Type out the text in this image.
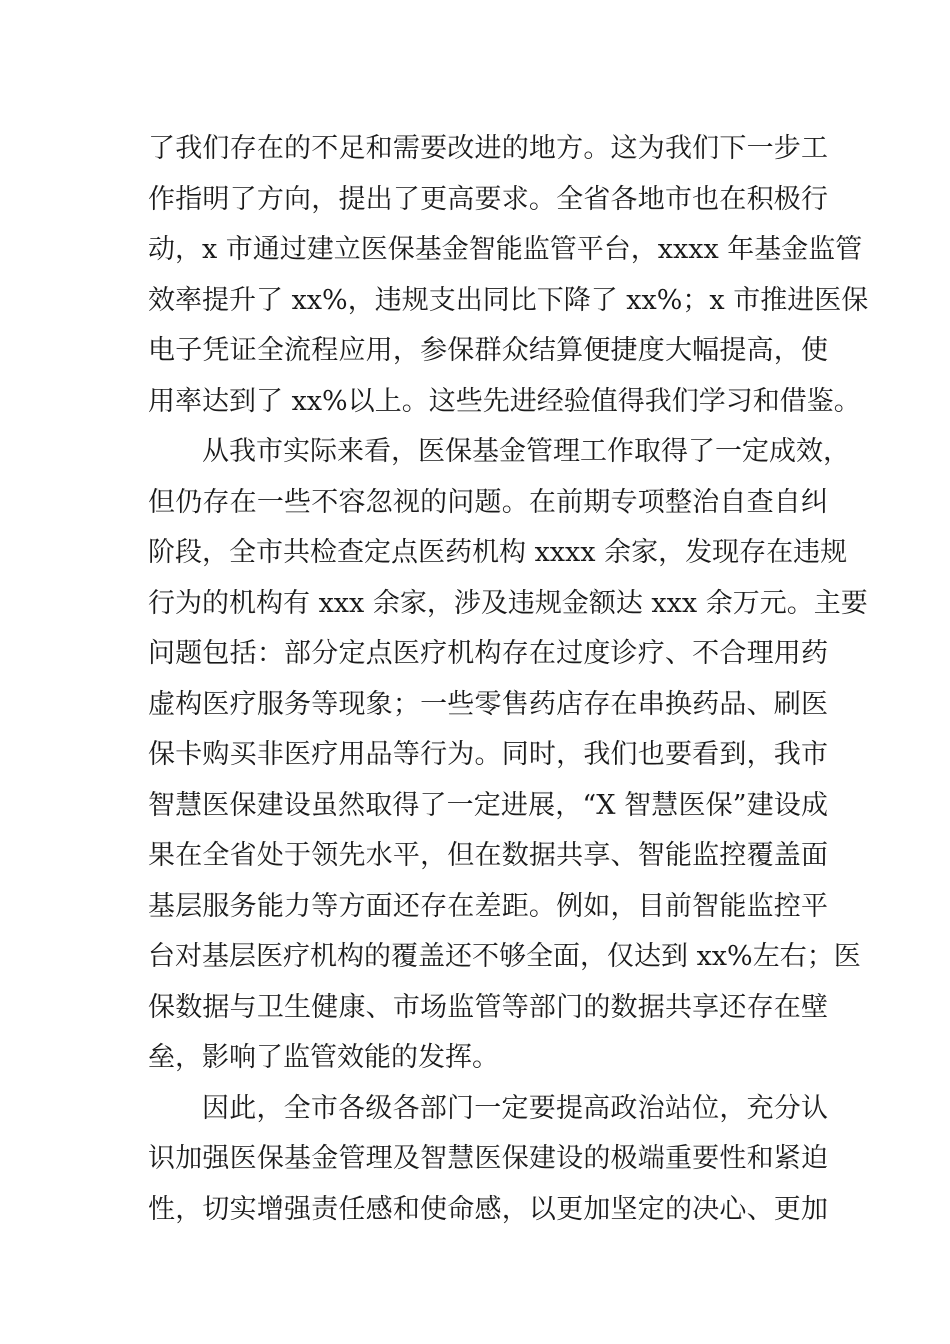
了我们存在的不足和需要改进的地方。这为我们下一步工
作指明了方向，提出了更高要求。全省各地市也在积极行
动，x 市通过建立医保基金智能监管平台，xxxx 年基金监管
效率提升了 xx%，违规支出同比下降了 xx%；x 市推进医保
电子凭证全流程应用，参保群众结算便捷度大幅提高，使
用率达到了 xx%以上。这些先进经验值得我们学习和借鉴。
从我市实际来看，医保基金管理工作取得了一定成效，
但仍存在一些不容忽视的问题。在前期专项整治自查自纠
阶段，全市共检查定点医药机构 xxxx 余家，发现存在违规
行为的机构有 xxx 余家，涉及违规金额达 xxx 余万元。主要
问题包括：部分定点医疗机构存在过度诊疗、不合理用药
虚构医疗服务等现象；一些零售药店存在串换药品、刷医
保卡购买非医疗用品等行为。同时，我们也要看到，我市
智慧医保建设虽然取得了一定进展，“X 智慧医保”建设成
果在全省处于领先水平，但在数据共享、智能监控覆盖面
基层服务能力等方面还存在差距。例如，目前智能监控平
台对基层医疗机构的覆盖还不够全面，仅达到 xx%左右；医
保数据与卫生健康、市场监管等部门的数据共享还存在壁
垒，影响了监管效能的发挥。
因此，全市各级各部门一定要提高政治站位，充分认
识加强医保基金管理及智慧医保建设的极端重要性和紧迫
性，切实增强责任感和使命感，以更加坚定的决心、更加
